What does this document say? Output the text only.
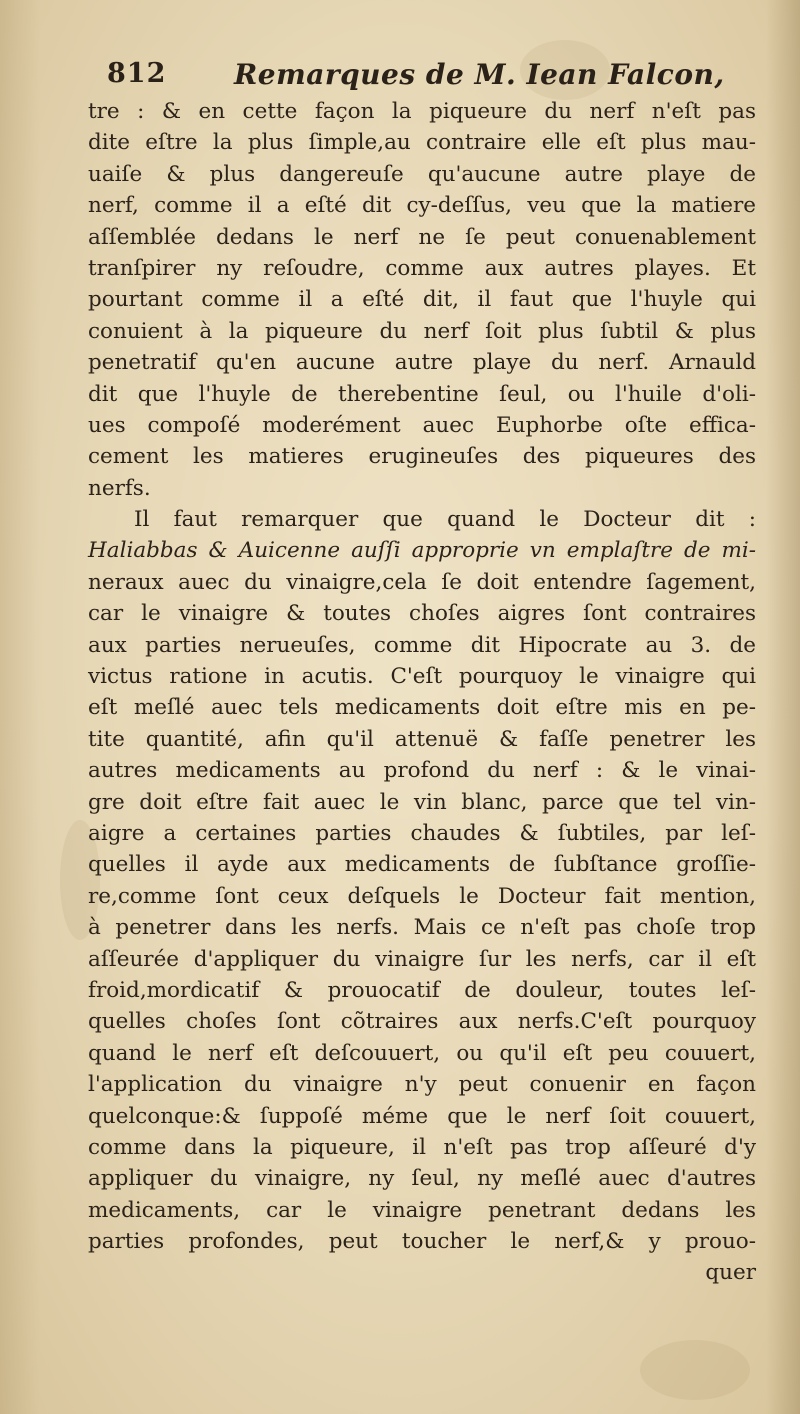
812 Remarques de M. Iean Falcon,
tre : & en cette façon la piqueure du nerf n'eſt pas
dite eſtre la plus ſimple,au contraire elle eſt plus mau-
uaiſe & plus dangereuſe qu'aucune autre playe de
nerf, comme il a eſté dit cy-deſſus, veu que la matiere
aſſemblée dedans le nerf ne ſe peut conuenablement
tranſpirer ny reſoudre, comme aux autres playes. Et
pourtant comme il a eſté dit, il faut que l'huyle qui
conuient à la piqueure du nerf ſoit plus ſubtil & plus
penetratif qu'en aucune autre playe du nerf. Arnauld
dit que l'huyle de therebentine ſeul, ou l'huile d'oli-
ues compoſé moderément auec Euphorbe oſte effica-
cement les matieres erugineuſes des piqueures des
nerfs.
Il faut remarquer que quand le Docteur dit :
Haliabbas & Auicenne auſſi approprie vn emplaſtre de mi-
neraux auec du vinaigre,cela ſe doit entendre ſagement,
car le vinaigre & toutes choſes aigres ſont contraires
aux parties nerueuſes, comme dit Hipocrate au 3. de
victus ratione in acutis. C'eſt pourquoy le vinaigre qui
eſt meſlé auec tels medicaments doit eſtre mis en pe-
tite quantité, afin qu'il attenuë & faſſe penetrer les
autres medicaments au profond du nerf : & le vinai-
gre doit eſtre fait auec le vin blanc, parce que tel vin-
aigre a certaines parties chaudes & ſubtiles, par leſ-
quelles il ayde aux medicaments de ſubſtance groſſie-
re,comme ſont ceux deſquels le Docteur fait mention,
à penetrer dans les nerfs. Mais ce n'eſt pas choſe trop
aſſeurée d'appliquer du vinaigre ſur les nerfs, car il eſt
froid,mordicatif & prouocatif de douleur, toutes leſ-
quelles choſes ſont cõtraires aux nerfs.C'eſt pourquoy
quand le nerf eſt deſcouuert, ou qu'il eſt peu couuert,
l'application du vinaigre n'y peut conuenir en façon
quelconque:& ſuppoſé méme que le nerf ſoit couuert,
comme dans la piqueure, il n'eſt pas trop aſſeuré d'y
appliquer du vinaigre, ny ſeul, ny meſlé auec d'autres
medicaments, car le vinaigre penetrant dedans les
parties profondes, peut toucher le nerf,& y prouo-
quer
